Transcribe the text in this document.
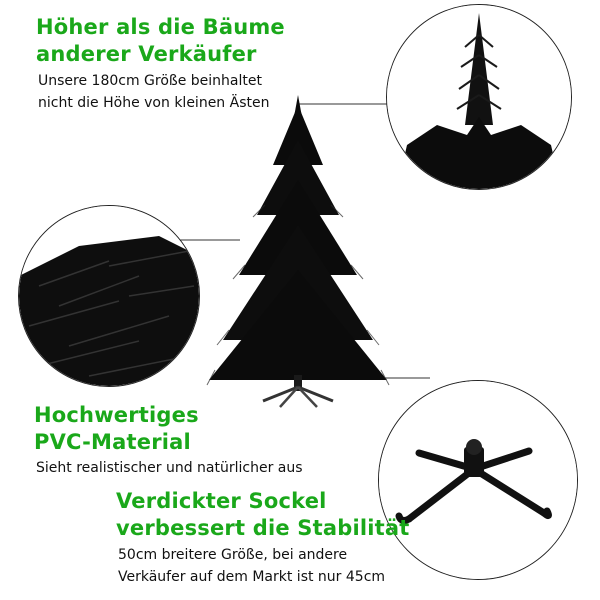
Höher als die Bäume
anderer Verkäufer
Unsere 180cm Größe beinhaltet
nicht die Höhe von kleinen Ästen
Hochwertiges
PVC-Material
Sieht realistischer und natürlicher aus
Verdickter Sockel
verbessert die Stabilität
50cm breitere Größe, bei andere
Verkäufer auf dem Markt ist nur 45cm
